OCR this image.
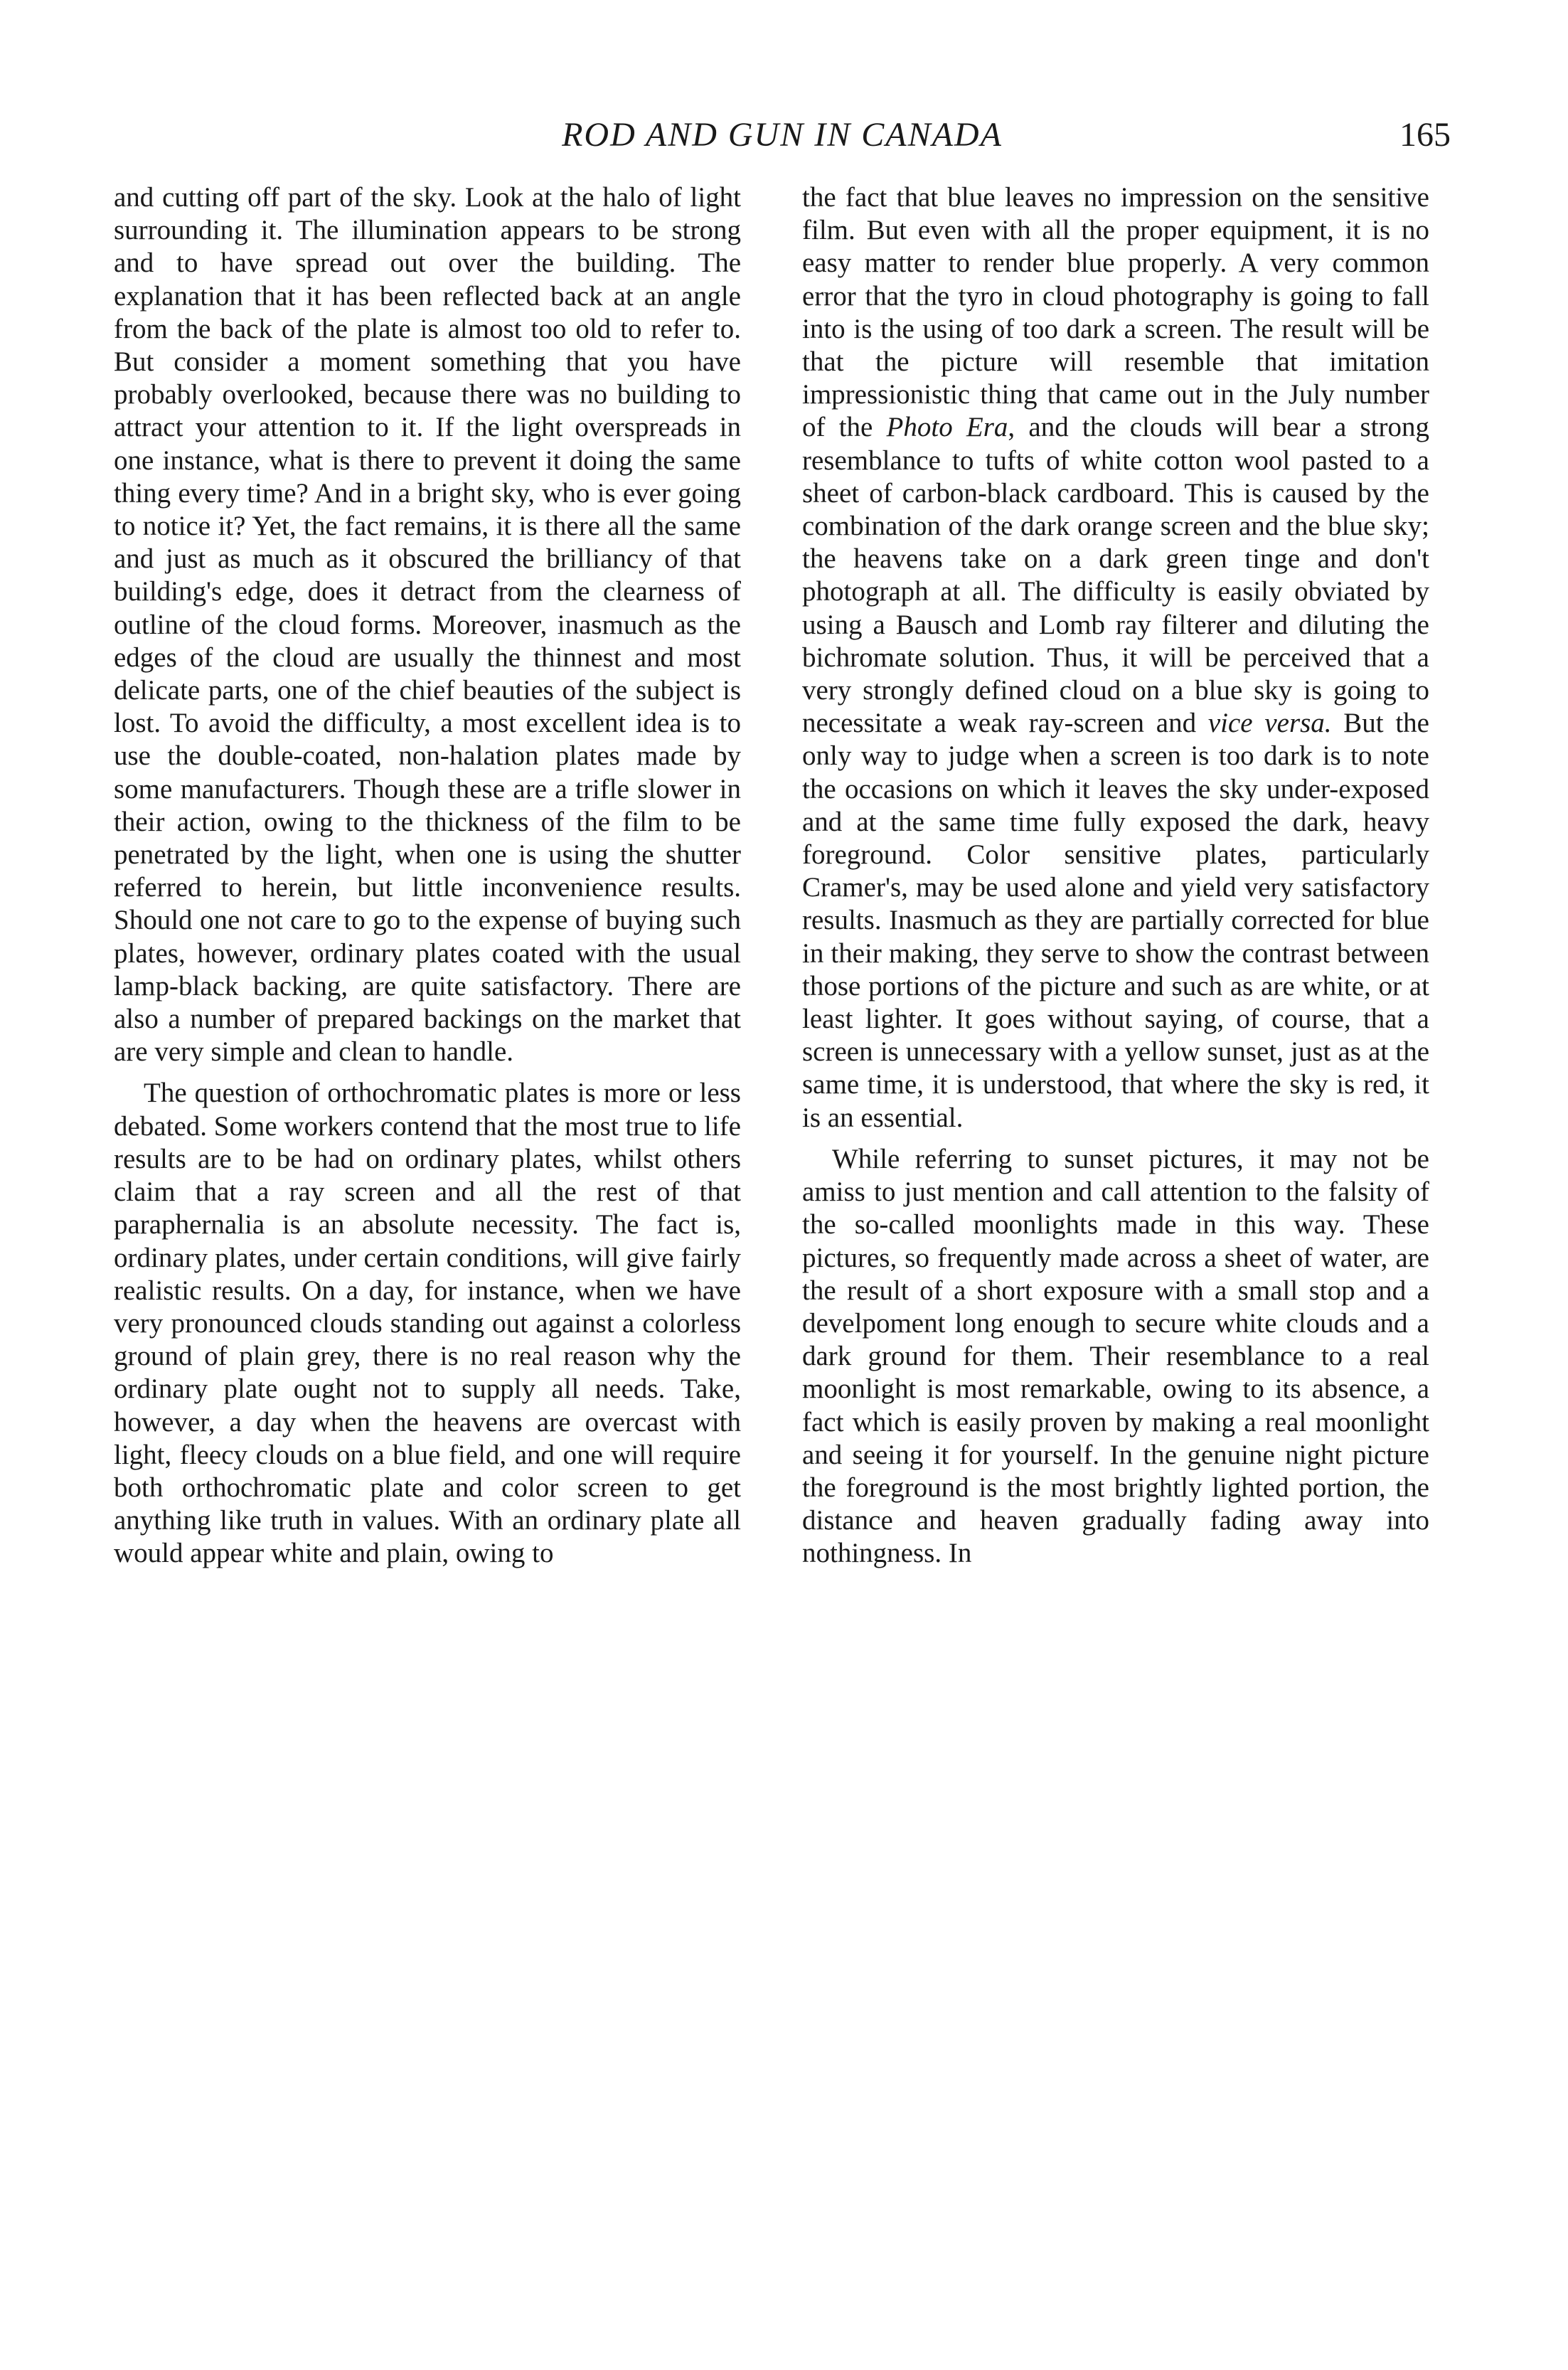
ROD AND GUN IN CANADA	165

and cutting off part of the sky. Look at the halo of light surrounding it. The illumination appears to be strong and to have spread out over the building. The explanation that it has been reflected back at an angle from the back of the plate is almost too old to refer to. But consider a moment something that you have probably overlooked, because there was no building to attract your attention to it. If the light overspreads in one instance, what is there to prevent it doing the same thing every time? And in a bright sky, who is ever going to notice it? Yet, the fact remains, it is there all the same and just as much as it obscured the brilliancy of that building's edge, does it detract from the clearness of outline of the cloud forms. Moreover, inasmuch as the edges of the cloud are usually the thinnest and most delicate parts, one of the chief beauties of the subject is lost. To avoid the difficulty, a most excellent idea is to use the double-coated, non-halation plates made by some manufacturers. Though these are a trifle slower in their action, owing to the thickness of the film to be penetrated by the light, when one is using the shutter referred to herein, but little inconvenience results. Should one not care to go to the expense of buying such plates, however, ordinary plates coated with the usual lamp-black backing, are quite satisfactory. There are also a number of prepared backings on the market that are very simple and clean to handle.

The question of orthochromatic plates is more or less debated. Some workers contend that the most true to life results are to be had on ordinary plates, whilst others claim that a ray screen and all the rest of that paraphernalia is an absolute necessity. The fact is, ordinary plates, under certain conditions, will give fairly realistic results. On a day, for instance, when we have very pronounced clouds standing out against a colorless ground of plain grey, there is no real reason why the ordinary plate ought not to supply all needs. Take, however, a day when the heavens are overcast with light, fleecy clouds on a blue field, and one will require both orthochromatic plate and color screen to get anything like truth in values. With an ordinary plate all would appear white and plain, owing to

the fact that blue leaves no impression on the sensitive film. But even with all the proper equipment, it is no easy matter to render blue properly. A very common error that the tyro in cloud photography is going to fall into is the using of too dark a screen. The result will be that the picture will resemble that imitation impressionistic thing that came out in the July number of the Photo Era, and the clouds will bear a strong resemblance to tufts of white cotton wool pasted to a sheet of carbon-black cardboard. This is caused by the combination of the dark orange screen and the blue sky; the heavens take on a dark green tinge and don't photograph at all. The difficulty is easily obviated by using a Bausch and Lomb ray filterer and diluting the bichromate solution. Thus, it will be perceived that a very strongly defined cloud on a blue sky is going to necessitate a weak ray-screen and vice versa. But the only way to judge when a screen is too dark is to note the occasions on which it leaves the sky under-exposed and at the same time fully exposed the dark, heavy foreground. Color sensitive plates, particularly Cramer's, may be used alone and yield very satisfactory results. Inasmuch as they are partially corrected for blue in their making, they serve to show the contrast between those portions of the picture and such as are white, or at least lighter. It goes without saying, of course, that a screen is unnecessary with a yellow sunset, just as at the same time, it is understood, that where the sky is red, it is an essential.

While referring to sunset pictures, it may not be amiss to just mention and call attention to the falsity of the so-called moonlights made in this way. These pictures, so frequently made across a sheet of water, are the result of a short exposure with a small stop and a develpoment long enough to secure white clouds and a dark ground for them. Their resemblance to a real moonlight is most remarkable, owing to its absence, a fact which is easily proven by making a real moonlight and seeing it for yourself. In the genuine night picture the foreground is the most brightly lighted portion, the distance and heaven gradually fading away into nothingness. In
